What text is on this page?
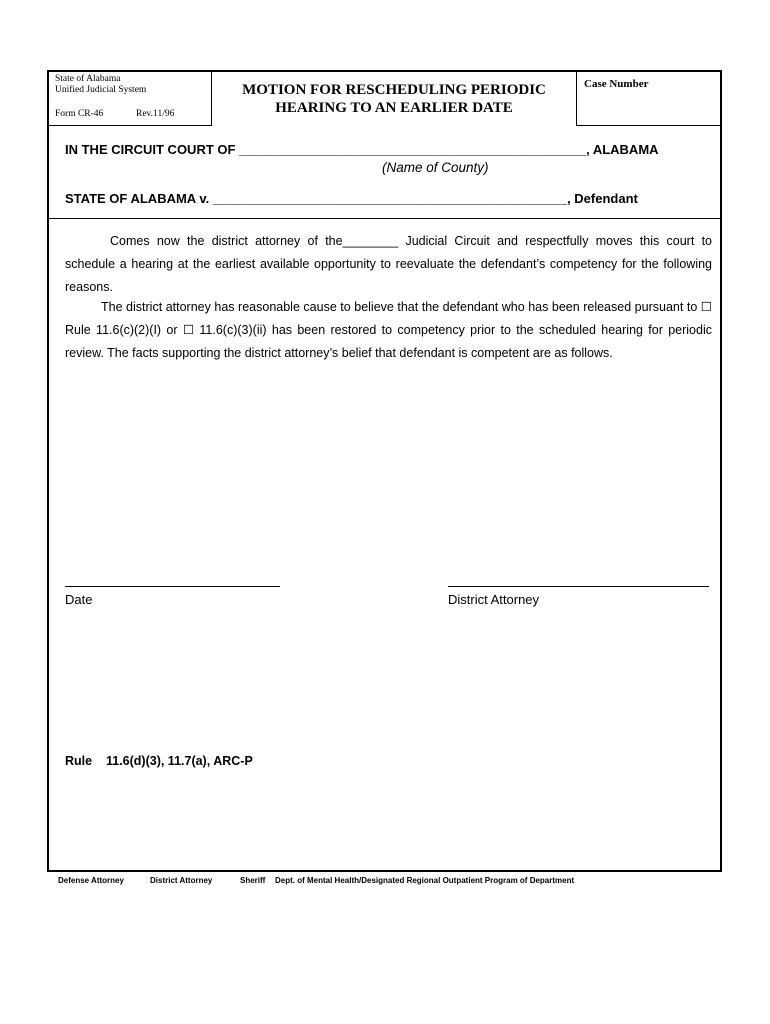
State of Alabama
Unified Judicial System
Form CR-46	Rev.11/96
MOTION FOR RESCHEDULING PERIODIC
HEARING TO AN EARLIER DATE
Case Number
IN THE CIRCUIT COURT OF ________________________________________________, ALABAMA
(Name of County)
STATE OF ALABAMA v. _________________________________________________, Defendant
Comes now the district attorney of the________ Judicial Circuit and respectfully moves this court to schedule a hearing at the earliest available opportunity to reevaluate the defendant’s competency for the following reasons.
The district attorney has reasonable cause to believe that the defendant who has been released pursuant to ☐ Rule 11.6(c)(2)(I) or ☐ 11.6(c)(3)(ii) has been restored to competency prior to the scheduled hearing for periodic review. The facts supporting the district attorney’s belief that defendant is competent are as follows.
Date	District Attorney
Rule    11.6(d)(3), 11.7(a), ARC-P
Defense Attorney	District Attorney	Sheriff Dept. of Mental Health/Designated Regional Outpatient Program of Department
